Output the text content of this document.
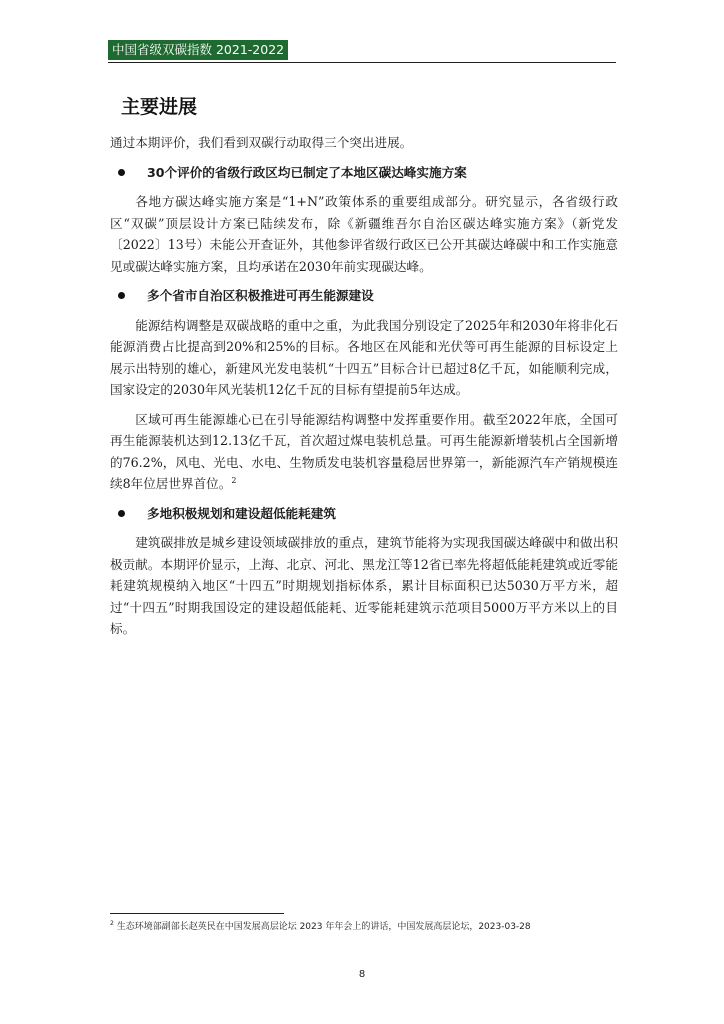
中国省级双碳指数 2021-2022
主要进展

通过本期评价，我们看到双碳行动取得三个突出进展。

30个评价的省级行政区均已制定了本地区碳达峰实施方案

各地方碳达峰实施方案是“1+N”政策体系的重要组成部分。研究显示，各省级行政区“双碳”顶层设计方案已陆续发布，除《新疆维吾尔自治区碳达峰实施方案》（新党发〔2022〕13号）未能公开查证外，其他参评省级行政区已公开其碳达峰碳中和工作实施意见或碳达峰实施方案，且均承诺在2030年前实现碳达峰。

多个省市自治区积极推进可再生能源建设

能源结构调整是双碳战略的重中之重，为此我国分别设定了2025年和2030年将非化石能源消费占比提高到20%和25%的目标。各地区在风能和光伏等可再生能源的目标设定上展示出特别的雄心，新建风光发电装机“十四五”目标合计已超过8亿千瓦，如能顺利完成，国家设定的2030年风光装机12亿千瓦的目标有望提前5年达成。

区域可再生能源雄心已在引导能源结构调整中发挥重要作用。截至2022年底，全国可再生能源装机达到12.13亿千瓦，首次超过煤电装机总量。可再生能源新增装机占全国新增的76.2%，风电、光电、水电、生物质发电装机容量稳居世界第一，新能源汽车产销规模连续8年位居世界首位。$^2$

多地积极规划和建设超低能耗建筑

建筑碳排放是城乡建设领域碳排放的重点，建筑节能将为实现我国碳达峰碳中和做出积极贡献。本期评价显示，上海、北京、河北、黑龙江等12省已率先将超低能耗建筑或近零能耗建筑规模纳入地区“十四五”时期规划指标体系，累计目标面积已达5030万平方米，超过“十四五”时期我国设定的建设超低能耗、近零能耗建筑示范项目5000万平方米以上的目标。

$^2$ 生态环境部副部长赵英民在中国发展高层论坛 2023 年年会上的讲话，中国发展高层论坛，2023-03-28
8
